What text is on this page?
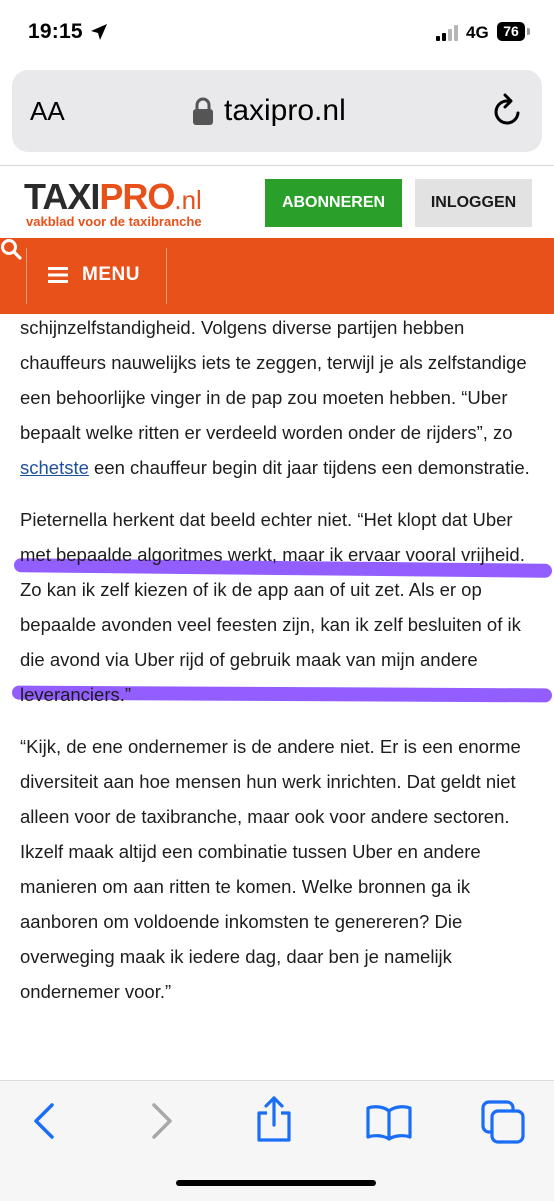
19:15	4G	76
AA	taxipro.nl
TAXIPRO.nl
vakblad voor de taxibranche
ABONNEREN	INLOGGEN
MENU

schijnzelfstandigheid. Volgens diverse partijen hebben chauffeurs nauwelijks iets te zeggen, terwijl je als zelfstandige een behoorlijke vinger in de pap zou moeten hebben. “Uber bepaalt welke ritten er verdeeld worden onder de rijders”, zo schetste een chauffeur begin dit jaar tijdens een demonstratie.

Pieternella herkent dat beeld echter niet. “Het klopt dat Uber met bepaalde algoritmes werkt, maar ik ervaar vooral vrijheid. Zo kan ik zelf kiezen of ik de app aan of uit zet. Als er op bepaalde avonden veel feesten zijn, kan ik zelf besluiten of ik die avond via Uber rijd of gebruik maak van mijn andere leveranciers.”

“Kijk, de ene ondernemer is de andere niet. Er is een enorme diversiteit aan hoe mensen hun werk inrichten. Dat geldt niet alleen voor de taxibranche, maar ook voor andere sectoren. Ikzelf maak altijd een combinatie tussen Uber en andere manieren om aan ritten te komen. Welke bronnen ga ik aanboren om voldoende inkomsten te genereren? Die overweging maak ik iedere dag, daar ben je namelijk ondernemer voor.”
